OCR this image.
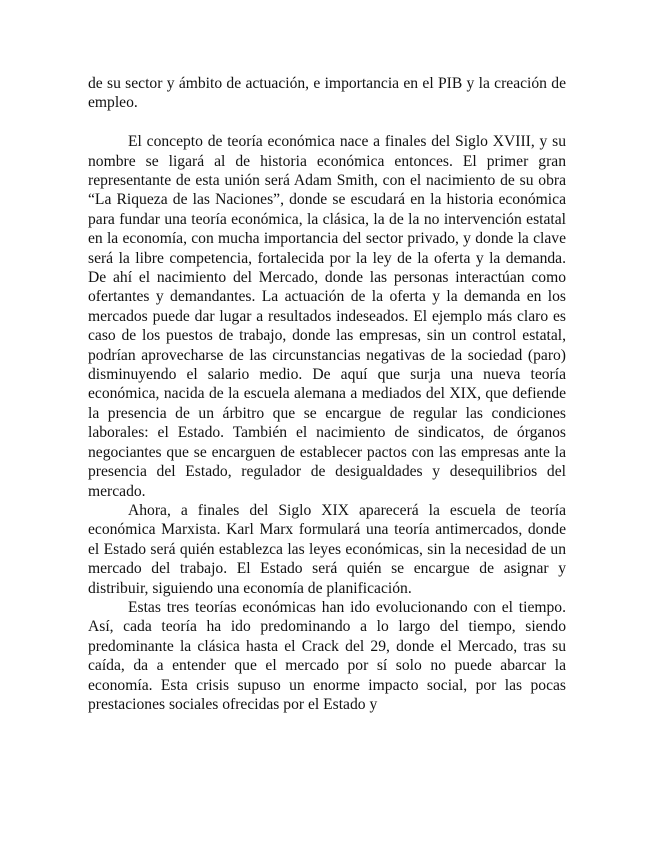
de su sector y ámbito de actuación, e importancia en el PIB y la creación de empleo.

El concepto de teoría económica nace a finales del Siglo XVIII, y su nombre se ligará al de historia económica entonces. El primer gran representante de esta unión será Adam Smith, con el nacimiento de su obra “La Riqueza de las Naciones”, donde se escudará en la historia económica para fundar una teoría económica, la clásica, la de la no intervención estatal en la economía, con mucha importancia del sector privado, y donde la clave será la libre competencia, fortalecida por la ley de la oferta y la demanda. De ahí el nacimiento del Mercado, donde las personas interactúan como ofertantes y demandantes. La actuación de la oferta y la demanda en los mercados puede dar lugar a resultados indeseados. El ejemplo más claro es caso de los puestos de trabajo, donde las empresas, sin un control estatal, podrían aprovecharse de las circunstancias negativas de la sociedad (paro) disminuyendo el salario medio. De aquí que surja una nueva teoría económica, nacida de la escuela alemana a mediados del XIX, que defiende la presencia de un árbitro que se encargue de regular las condiciones laborales: el Estado. También el nacimiento de sindicatos, de órganos negociantes que se encarguen de establecer pactos con las empresas ante la presencia del Estado, regulador de desigualdades y desequilibrios del mercado.

Ahora, a finales del Siglo XIX aparecerá la escuela de teoría económica Marxista. Karl Marx formulará una teoría antimercados, donde el Estado será quién establezca las leyes económicas, sin la necesidad de un mercado del trabajo. El Estado será quién se encargue de asignar y distribuir, siguiendo una economía de planificación.

Estas tres teorías económicas han ido evolucionando con el tiempo. Así, cada teoría ha ido predominando a lo largo del tiempo, siendo predominante la clásica hasta el Crack del 29, donde el Mercado, tras su caída, da a entender que el mercado por sí solo no puede abarcar la economía. Esta crisis supuso un enorme impacto social, por las pocas prestaciones sociales ofrecidas por el Estado y
